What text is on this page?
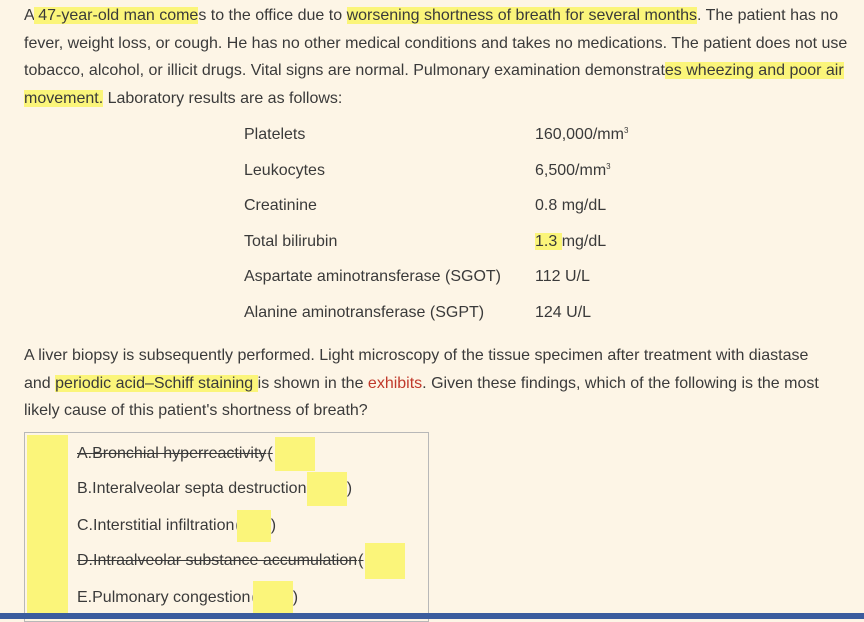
A 47-year-old man comes to the office due to worsening shortness of breath for several months. The patient has no fever, weight loss, or cough. He has no other medical conditions and takes no medications. The patient does not use tobacco, alcohol, or illicit drugs. Vital signs are normal. Pulmonary examination demonstrates wheezing and poor air movement. Laboratory results are as follows:
Platelets	$160,000/mm^3$
Leukocytes	$6,500/mm^3$
Creatinine	0.8 mg/dL
Total bilirubin	1.3 mg/dL
Aspartate aminotransferase (SGOT) 112 U/L
Alanine aminotransferase (SGPT)	124 U/L
A liver biopsy is subsequently performed. Light microscopy of the tissue specimen after treatment with diastase and periodic acid–Schiff staining is shown in the exhibits. Given these findings, which of the following is the most likely cause of this patient's shortness of breath?
A.Bronchial hyperreactivity(
B.Interalveolar septa destruction	)
C.Interstitial infiltration	)
D.Intraalveolar substance accumulation(
E.Pulmonary congestion	)
